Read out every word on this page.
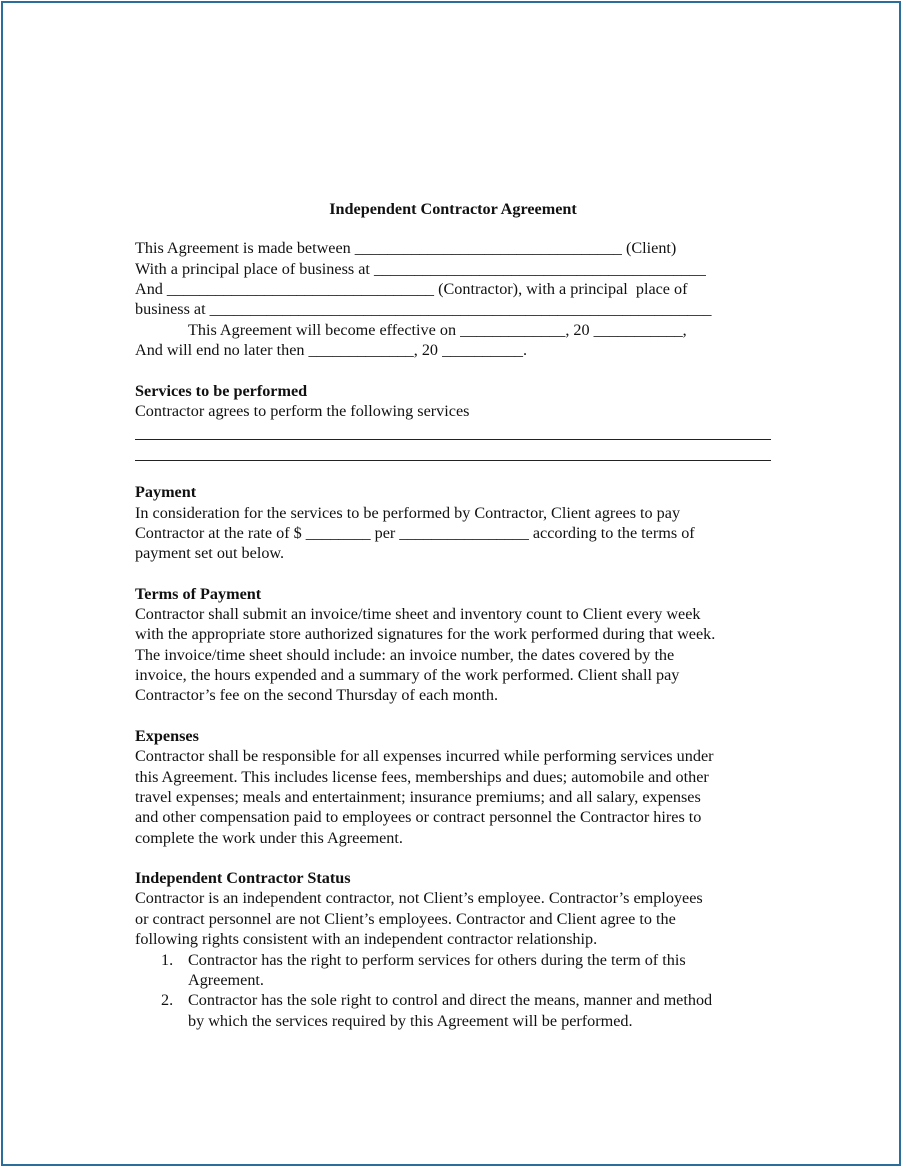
Independent Contractor Agreement
This Agreement is made between _________________________________ (Client)
With a principal place of business at _________________________________________
And _________________________________ (Contractor), with a principal  place of
business at ______________________________________________________________
This Agreement will become effective on _____________, 20 ___________,
And will end no later then _____________, 20 __________.
Services to be performed
Contractor agrees to perform the following services
Payment
In consideration for the services to be performed by Contractor, Client agrees to pay
Contractor at the rate of $ ________ per ________________ according to the terms of
payment set out below.
Terms of Payment
Contractor shall submit an invoice/time sheet and inventory count to Client every week
with the appropriate store authorized signatures for the work performed during that week.
The invoice/time sheet should include: an invoice number, the dates covered by the
invoice, the hours expended and a summary of the work performed. Client shall pay
Contractor’s fee on the second Thursday of each month.
Expenses
Contractor shall be responsible for all expenses incurred while performing services under
this Agreement. This includes license fees, memberships and dues; automobile and other
travel expenses; meals and entertainment; insurance premiums; and all salary, expenses
and other compensation paid to employees or contract personnel the Contractor hires to
complete the work under this Agreement.
Independent Contractor Status
Contractor is an independent contractor, not Client’s employee. Contractor’s employees
or contract personnel are not Client’s employees. Contractor and Client agree to the
following rights consistent with an independent contractor relationship.
1. Contractor has the right to perform services for others during the term of this
Agreement.
2. Contractor has the sole right to control and direct the means, manner and method
by which the services required by this Agreement will be performed.
